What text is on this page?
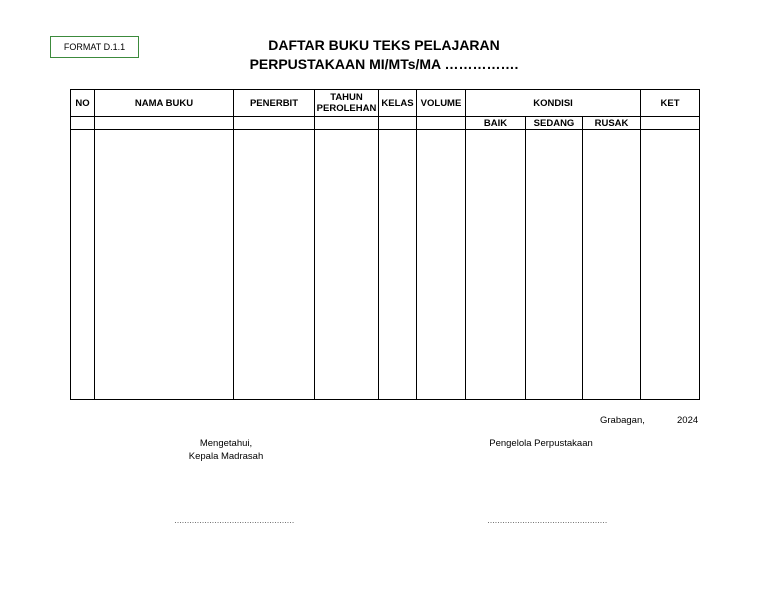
FORMAT D.1.1	DAFTAR BUKU TEKS PELAJARAN
PERPUSTAKAAN MI/MTs/MA …………….
NO	NAMA BUKU	PENERBIT	TAHUN PEROLEHAN	KELAS	VOLUME	KONDISI			KET
						BAIK	SEDANG	RUSAK	

Grabagan,	2024
Mengetahui,
Kepala Madrasah
Pengelola Perpustakaan
…………………………………………	…………………………………………
